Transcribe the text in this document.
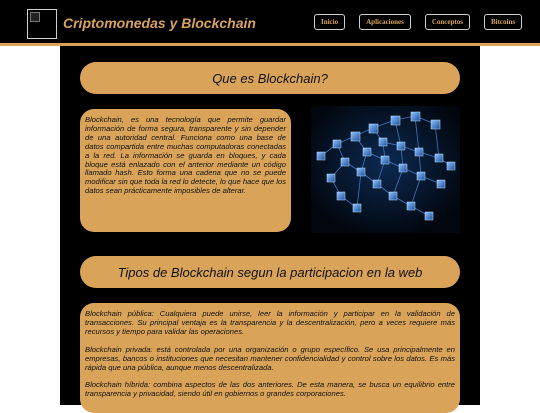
Criptomonedas y Blockchain	Inicio	Aplicaciones	Conceptos	Bitcoins
Que es Blockchain?
Blockchain, es una tecnología que permite guardar información de forma segura, transparente y sin depender de una autoridad central. Funciona como una base de datos compartida entre muchas computadoras conectadas a la red. La información se guarda en bloques, y cada bloque está enlazado con el anterior mediante un código llamado hash. Esto forma una cadena que no se puede modificar sin que toda la red lo detecte, lo que hace que los datos sean prácticamente imposibles de alterar.
Tipos de Blockchain segun la participacion en la web

Blockchain pública: Cualquiera puede unirse, leer la información y participar en la validación de transacciones. Su principal ventaja es la transparencia y la descentralización, pero a veces requiere más recursos y tiempo para validar las operaciones.

Blockchain privada: está controlada por una organización o grupo específico. Se usa principalmente en empresas, bancos o instituciones que necesitan mantener confidencialidad y control sobre los datos. Es más rápida que una pública, aunque menos descentralizada.

Blockchain híbrida: combina aspectos de las dos anteriores. De esta manera, se busca un equilibrio entre transparencia y privacidad, siendo útil en gobiernos o grandes corporaciones.
